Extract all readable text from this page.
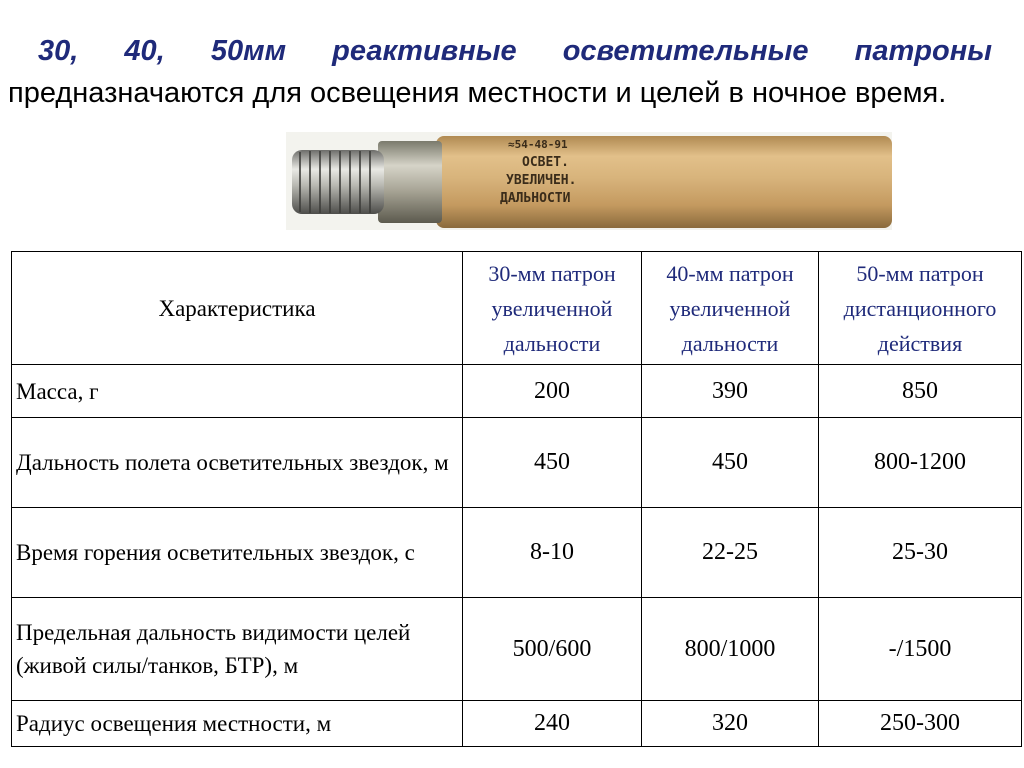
30, 40, 50мм реактивные осветительные патроны предназначаются для освещения местности и целей в ночное время.

≈54-48-91
ОСВЕТ.
УВЕЛИЧЕН.
ДАЛЬНОСТИ
Характеристика	30-мм патрон увеличенной дальности	40-мм патрон увеличенной дальности	50-мм патрон дистанционного действия
Масса, г	200	390	850
Дальность полета осветительных звездок, м	450	450	800-1200
Время горения осветительных звездок, с	8-10	22-25	25-30
Предельная дальность видимости целей (живой силы/танков, БТР), м	500/600	800/1000	-/1500
Радиус освещения местности, м	240	320	250-300
